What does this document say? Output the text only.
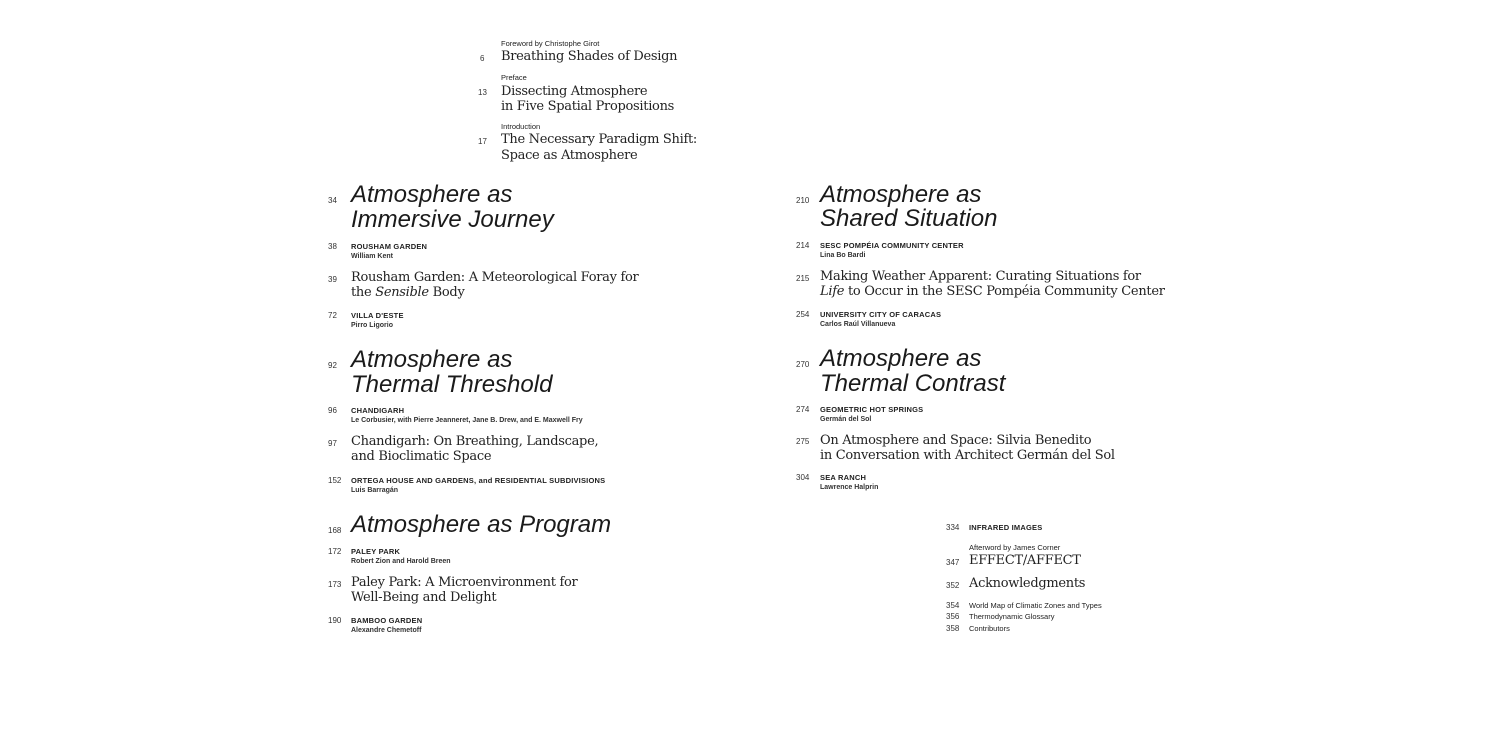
Foreword by Christophe Girot
6 Breathing Shades of Design
Preface
13 Dissecting Atmosphere
in Five Spatial Propositions
Introduction
17 The Necessary Paradigm Shift:
Space as Atmosphere
34 Atmosphere as
Immersive Journey
38 ROUSHAM GARDEN
William Kent
39 Rousham Garden: A Meteorological Foray for
the Sensible Body
72 VILLA D'ESTE
Pirro Ligorio
92 Atmosphere as
Thermal Threshold
96 CHANDIGARH
Le Corbusier, with Pierre Jeanneret, Jane B. Drew, and E. Maxwell Fry
97 Chandigarh: On Breathing, Landscape,
and Bioclimatic Space
152 ORTEGA HOUSE AND GARDENS, and RESIDENTIAL SUBDIVISIONS
Luis Barragán
168 Atmosphere as Program
172 PALEY PARK
Robert Zion and Harold Breen
173 Paley Park: A Microenvironment for
Well-Being and Delight
190 BAMBOO GARDEN
Alexandre Chemetoff
210 Atmosphere as
Shared Situation
214 SESC POMPÉIA COMMUNITY CENTER
Lina Bo Bardi
215 Making Weather Apparent: Curating Situations for
Life to Occur in the SESC Pompéia Community Center
254 UNIVERSITY CITY OF CARACAS
Carlos Raúl Villanueva
270 Atmosphere as
Thermal Contrast
274 GEOMETRIC HOT SPRINGS
Germán del Sol
275 On Atmosphere and Space: Silvia Benedito
in Conversation with Architect Germán del Sol
304 SEA RANCH
Lawrence Halprin
334 INFRARED IMAGES
Afterword by James Corner
347 EFFECT/AFFECT
352 Acknowledgments
354 World Map of Climatic Zones and Types
356 Thermodynamic Glossary
358 Contributors
